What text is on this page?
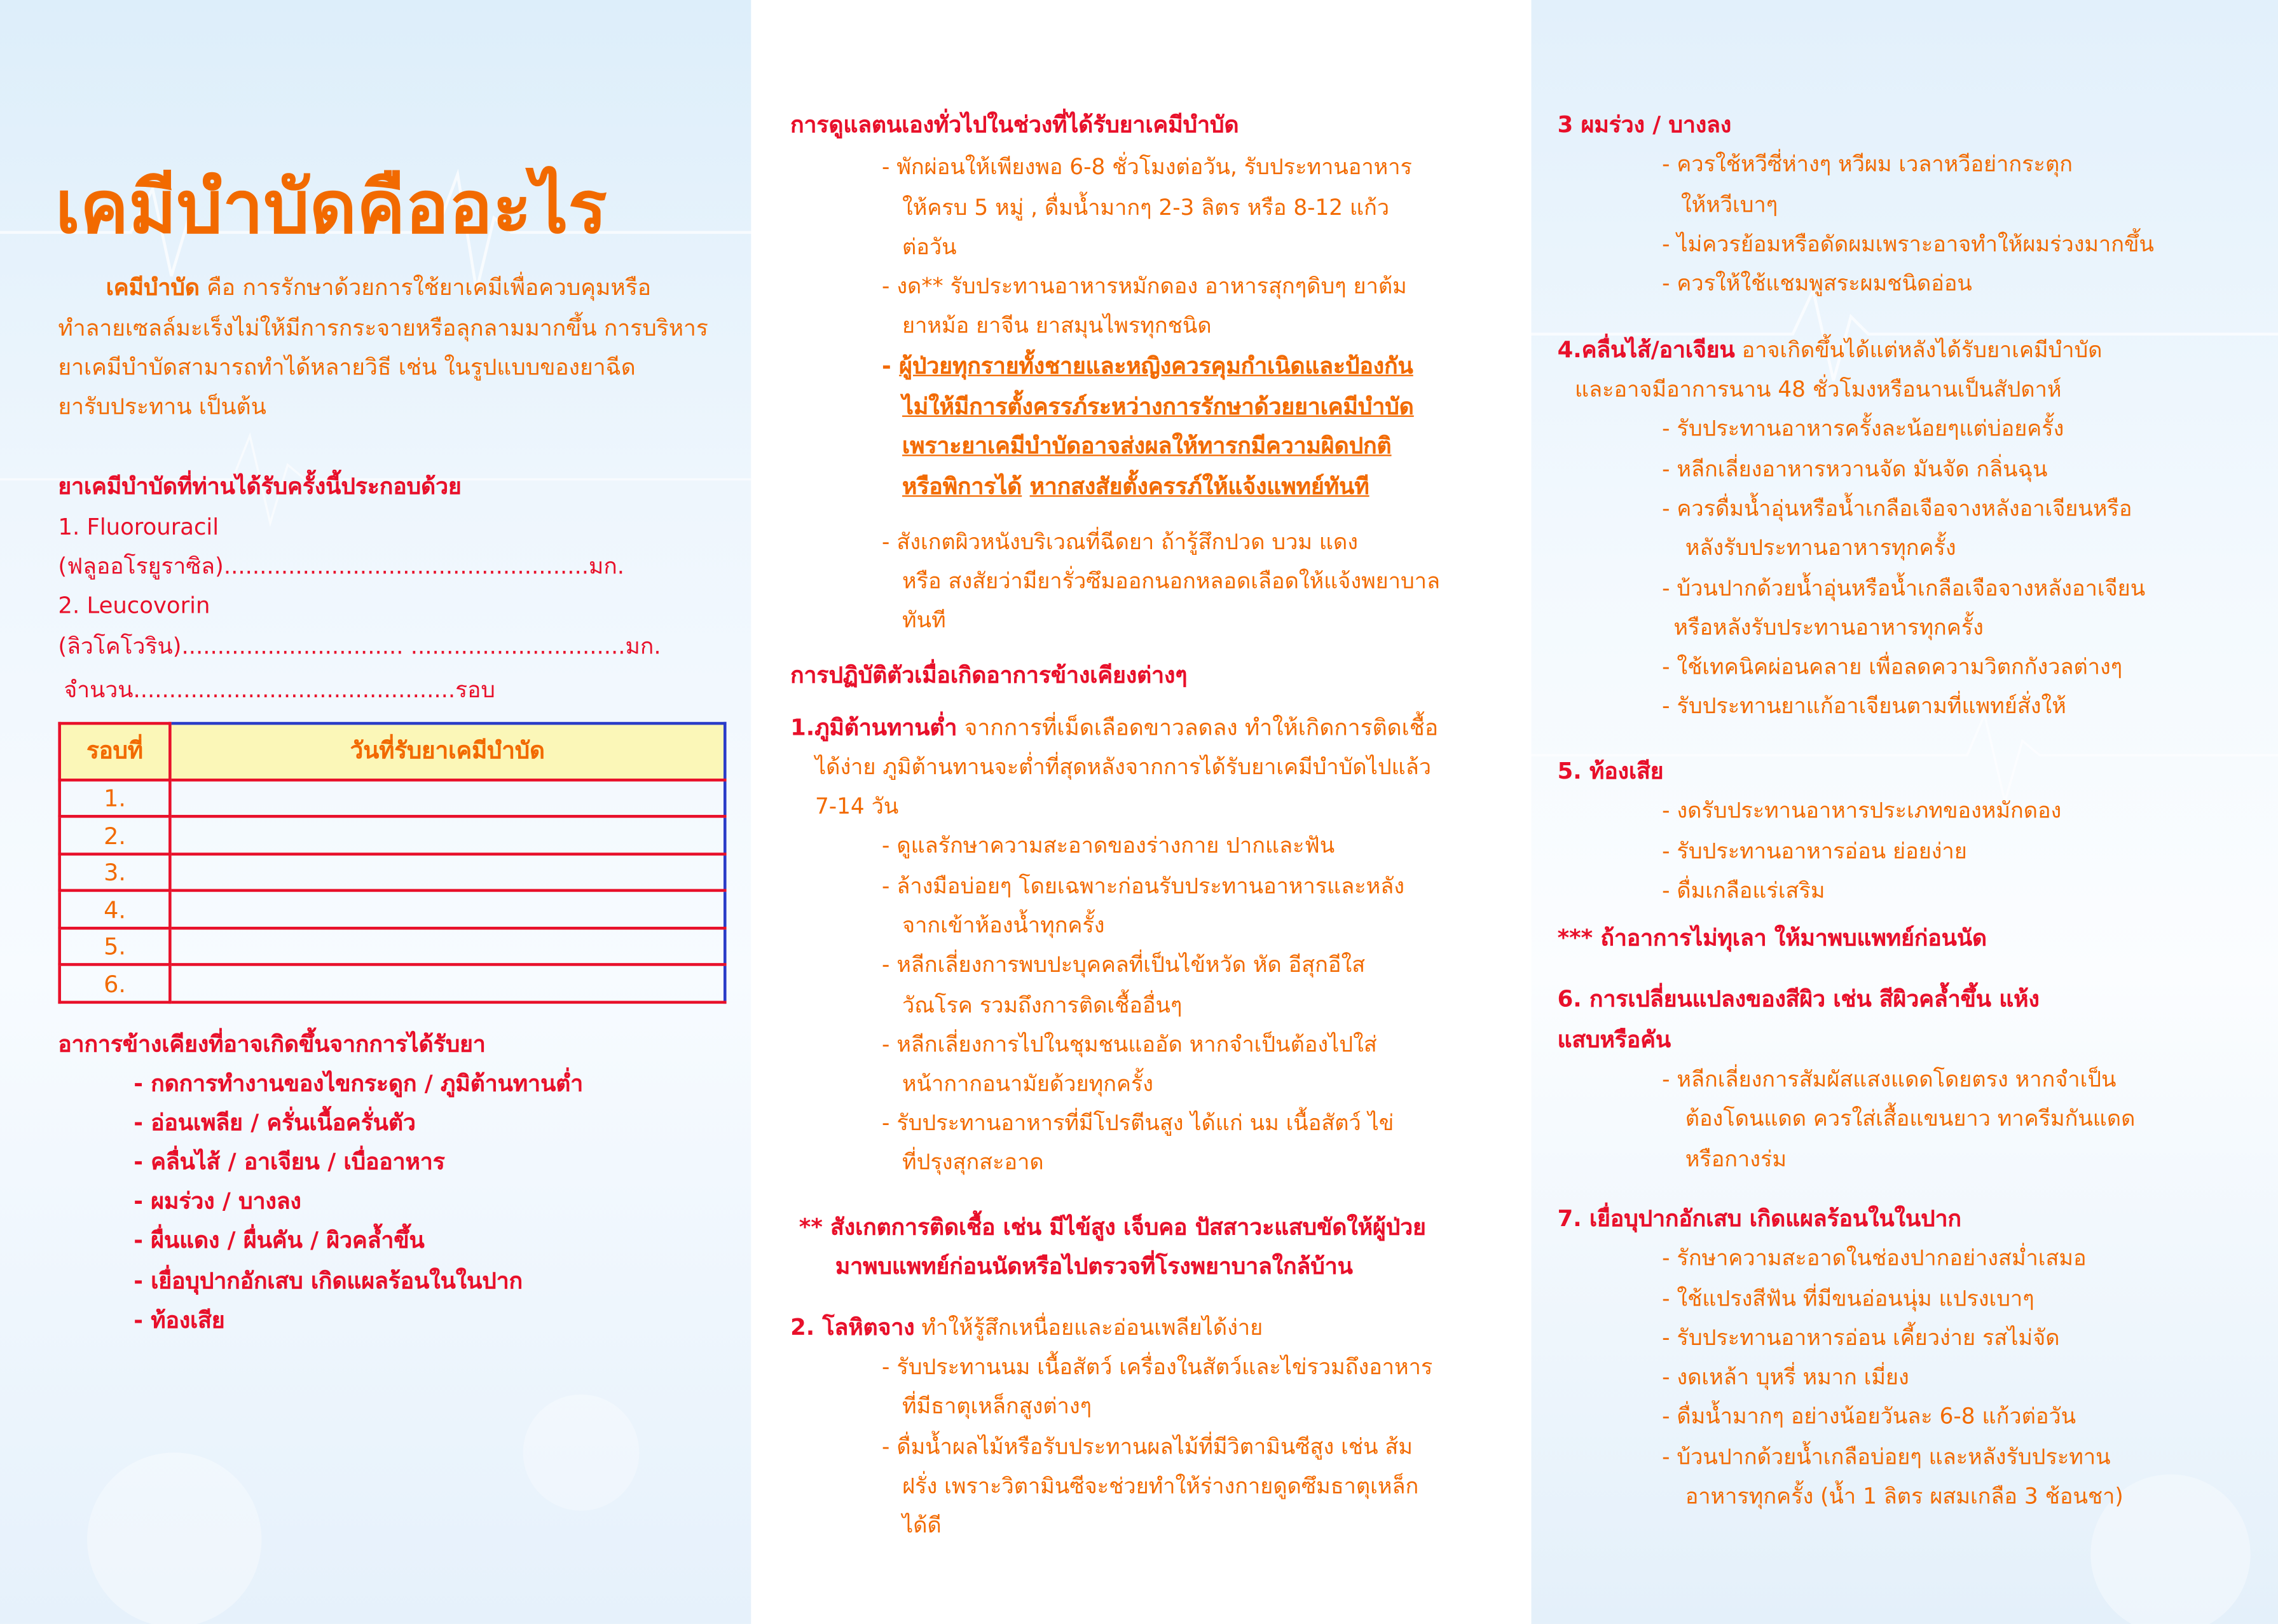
เคมีบำบัดคืออะไร
เคมีบำบัด คือ การรักษาด้วยการใช้ยาเคมีเพื่อควบคุมหรือ
ทำลายเซลล์มะเร็งไม่ให้มีการกระจายหรือลุกลามมากขึ้น การบริหาร
ยาเคมีบำบัดสามารถทำได้หลายวิธี เช่น ในรูปแบบของยาฉีด
ยารับประทาน เป็นต้น
ยาเคมีบำบัดที่ท่านได้รับครั้งนี้ประกอบด้วย
1. Fluorouracil
(ฟลูออโรยูราซิล)...................................................มก.
2. Leucovorin
(ลิวโคโวริน)............................... ..............................มก.
จำนวน.............................................รอบ
รอบที่	วันที่รับยาเคมีบำบัด
1.	
2.	
3.	
4.	
5.	
6.	
อาการข้างเคียงที่อาจเกิดขึ้นจากการได้รับยา
- กดการทำงานของไขกระดูก / ภูมิต้านทานต่ำ
- อ่อนเพลีย / ครั่นเนื้อครั่นตัว
- คลื่นไส้ / อาเจียน / เบื่ออาหาร
- ผมร่วง / บางลง
- ผื่นแดง / ผื่นคัน / ผิวคล้ำขึ้น
- เยื่อบุปากอักเสบ เกิดแผลร้อนในในปาก
- ท้องเสีย
การดูแลตนเองทั่วไปในช่วงที่ได้รับยาเคมีบำบัด
- พักผ่อนให้เพียงพอ 6-8 ชั่วโมงต่อวัน, รับประทานอาหาร
ให้ครบ 5 หมู่ , ดื่มน้ำมากๆ 2-3 ลิตร หรือ 8-12 แก้ว
ต่อวัน
- งด** รับประทานอาหารหมักดอง อาหารสุกๆดิบๆ ยาต้ม
ยาหม้อ ยาจีน ยาสมุนไพรทุกชนิด
- ผู้ป่วยทุกรายทั้งชายและหญิงควรคุมกำเนิดและป้องกัน
ไม่ให้มีการตั้งครรภ์ระหว่างการรักษาด้วยยาเคมีบำบัด
เพราะยาเคมีบำบัดอาจส่งผลให้ทารกมีความผิดปกติ
หรือพิการได้ หากสงสัยตั้งครรภ์ให้แจ้งแพทย์ทันที
- สังเกตผิวหนังบริเวณที่ฉีดยา ถ้ารู้สึกปวด บวม แดง
หรือ สงสัยว่ามียารั่วซึมออกนอกหลอดเลือดให้แจ้งพยาบาล
ทันที
การปฏิบัติตัวเมื่อเกิดอาการข้างเคียงต่างๆ
1.ภูมิต้านทานต่ำ จากการที่เม็ดเลือดขาวลดลง ทำให้เกิดการติดเชื้อ
ได้ง่าย ภูมิต้านทานจะต่ำที่สุดหลังจากการได้รับยาเคมีบำบัดไปแล้ว
7-14 วัน
- ดูแลรักษาความสะอาดของร่างกาย ปากและฟัน
- ล้างมือบ่อยๆ โดยเฉพาะก่อนรับประทานอาหารและหลัง
จากเข้าห้องน้ำทุกครั้ง
- หลีกเลี่ยงการพบปะบุคคลที่เป็นไข้หวัด หัด อีสุกอีใส
วัณโรค รวมถึงการติดเชื้ออื่นๆ
- หลีกเลี่ยงการไปในชุมชนแออัด หากจำเป็นต้องไปใส่
หน้ากากอนามัยด้วยทุกครั้ง
- รับประทานอาหารที่มีโปรตีนสูง ได้แก่ นม เนื้อสัตว์ ไข่
ที่ปรุงสุกสะอาด
** สังเกตการติดเชื้อ เช่น มีไข้สูง เจ็บคอ ปัสสาวะแสบขัดให้ผู้ป่วย
มาพบแพทย์ก่อนนัดหรือไปตรวจที่โรงพยาบาลใกล้บ้าน
2. โลหิตจาง ทำให้รู้สึกเหนื่อยและอ่อนเพลียได้ง่าย
- รับประทานนม เนื้อสัตว์ เครื่องในสัตว์และไข่รวมถึงอาหาร
ที่มีธาตุเหล็กสูงต่างๆ
- ดื่มน้ำผลไม้หรือรับประทานผลไม้ที่มีวิตามินซีสูง เช่น ส้ม
ฝรั่ง เพราะวิตามินซีจะช่วยทำให้ร่างกายดูดซึมธาตุเหล็ก
ได้ดี
3 ผมร่วง / บางลง
- ควรใช้หวีซี่ห่างๆ หวีผม เวลาหวีอย่ากระตุก
ให้หวีเบาๆ
- ไม่ควรย้อมหรือดัดผมเพราะอาจทำให้ผมร่วงมากขึ้น
- ควรให้ใช้แชมพูสระผมชนิดอ่อน
4.คลื่นไส้/อาเจียน อาจเกิดขึ้นได้แต่หลังได้รับยาเคมีบำบัด
และอาจมีอาการนาน 48 ชั่วโมงหรือนานเป็นสัปดาห์
- รับประทานอาหารครั้งละน้อยๆแต่บ่อยครั้ง
- หลีกเลี่ยงอาหารหวานจัด มันจัด กลิ่นฉุน
- ควรดื่มน้ำอุ่นหรือน้ำเกลือเจือจางหลังอาเจียนหรือ
หลังรับประทานอาหารทุกครั้ง
- บ้วนปากด้วยน้ำอุ่นหรือน้ำเกลือเจือจางหลังอาเจียน
หรือหลังรับประทานอาหารทุกครั้ง
- ใช้เทคนิคผ่อนคลาย เพื่อลดความวิตกกังวลต่างๆ
- รับประทานยาแก้อาเจียนตามที่แพทย์สั่งให้
5. ท้องเสีย
- งดรับประทานอาหารประเภทของหมักดอง
- รับประทานอาหารอ่อน ย่อยง่าย
- ดื่มเกลือแร่เสริม
*** ถ้าอาการไม่ทุเลา ให้มาพบแพทย์ก่อนนัด
6. การเปลี่ยนแปลงของสีผิว เช่น สีผิวคล้ำขึ้น แห้ง
แสบหรือคัน
- หลีกเลี่ยงการสัมผัสแสงแดดโดยตรง หากจำเป็น
ต้องโดนแดด ควรใส่เสื้อแขนยาว ทาครีมกันแดด
หรือกางร่ม
7. เยื่อบุปากอักเสบ เกิดแผลร้อนในในปาก
- รักษาความสะอาดในช่องปากอย่างสม่ำเสมอ
- ใช้แปรงสีฟัน ที่มีขนอ่อนนุ่ม แปรงเบาๆ
- รับประทานอาหารอ่อน เคี้ยวง่าย รสไม่จัด
- งดเหล้า บุหรี่ หมาก เมี่ยง
- ดื่มน้ำมากๆ อย่างน้อยวันละ 6-8 แก้วต่อวัน
- บ้วนปากด้วยน้ำเกลือบ่อยๆ และหลังรับประทาน
อาหารทุกครั้ง (น้ำ 1 ลิตร ผสมเกลือ 3 ช้อนชา)
